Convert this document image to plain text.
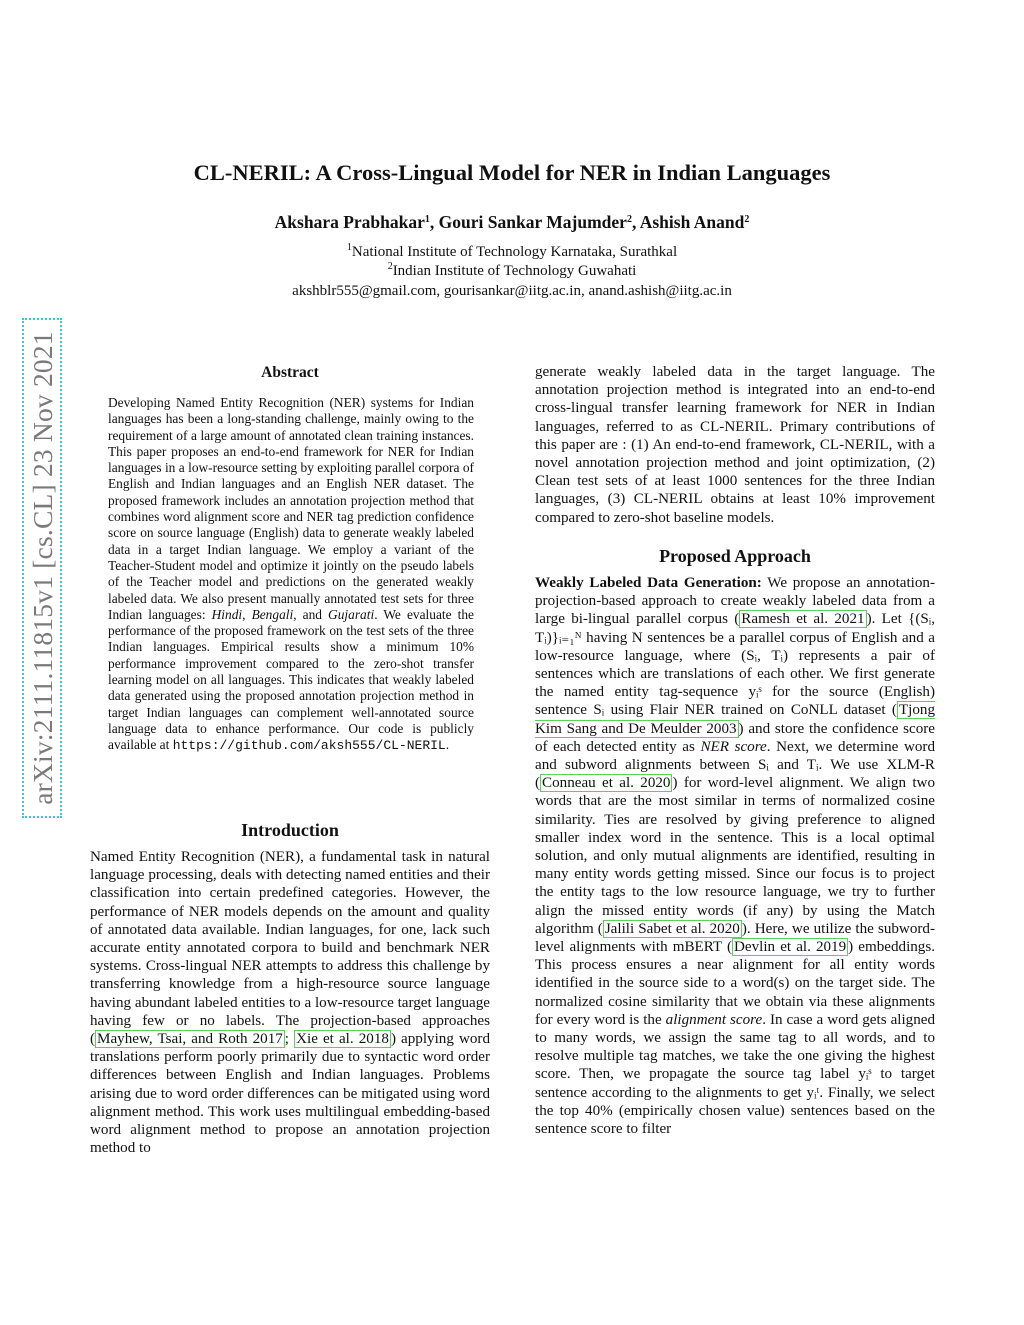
arXiv:2111.11815v1 [cs.CL] 23 Nov 2021
CL-NERIL: A Cross-Lingual Model for NER in Indian Languages
Akshara Prabhakar$^1$, Gouri Sankar Majumder$^2$, Ashish Anand$^2$
$^1$National Institute of Technology Karnataka, Surathkal
$^2$Indian Institute of Technology Guwahati
akshblr555@gmail.com, gourisankar@iitg.ac.in, anand.ashish@iitg.ac.in
Abstract

Developing Named Entity Recognition (NER) systems for Indian languages has been a long-standing challenge, mainly owing to the requirement of a large amount of annotated clean training instances. This paper proposes an end-to-end framework for NER for Indian languages in a low-resource setting by exploiting parallel corpora of English and Indian languages and an English NER dataset. The proposed framework includes an annotation projection method that combines word alignment score and NER tag prediction confidence score on source language (English) data to generate weakly labeled data in a target Indian language. We employ a variant of the Teacher-Student model and optimize it jointly on the pseudo labels of the Teacher model and predictions on the generated weakly labeled data. We also present manually annotated test sets for three Indian languages: Hindi, Bengali, and Gujarati. We evaluate the performance of the proposed framework on the test sets of the three Indian languages. Empirical results show a minimum 10% performance improvement compared to the zero-shot transfer learning model on all languages. This indicates that weakly labeled data generated using the proposed annotation projection method in target Indian languages can complement well-annotated source language data to enhance performance. Our code is publicly available at https://github.com/aksh555/CL-NERIL.

Introduction

Named Entity Recognition (NER), a fundamental task in natural language processing, deals with detecting named entities and their classification into certain predefined categories. However, the performance of NER models depends on the amount and quality of annotated data available. Indian languages, for one, lack such accurate entity annotated corpora to build and benchmark NER systems. Cross-lingual NER attempts to address this challenge by transferring knowledge from a high-resource source language having abundant labeled entities to a low-resource target language having few or no labels. The projection-based approaches ( Mayhew, Tsai, and Roth 2017 ; Xie et al. 2018 ) applying word translations perform poorly primarily due to syntactic word order differences between English and Indian languages. Problems arising due to word order differences can be mitigated using word alignment method. This work uses multilingual embedding-based word alignment method to propose an annotation projection method to

generate weakly labeled data in the target language. The annotation projection method is integrated into an end-to-end cross-lingual transfer learning framework for NER in Indian languages, referred to as CL-NERIL. Primary contributions of this paper are : (1) An end-to-end framework, CL-NERIL, with a novel annotation projection method and joint optimization, (2) Clean test sets of at least 1000 sentences for the three Indian languages, (3) CL-NERIL obtains at least 10% improvement compared to zero-shot baseline models.

Proposed Approach

Weakly Labeled Data Generation: We propose an annotation-projection-based approach to create weakly labeled data from a large bi-lingual parallel corpus ( Ramesh et al. 2021 ). Let {(Sᵢ, Tᵢ)}ᵢ₌₁ᴺ having N sentences be a parallel corpus of English and a low-resource language, where (Sᵢ, Tᵢ) represents a pair of sentences which are translations of each other. We first generate the named entity tag-sequence yᵢˢ for the source (English) sentence Sᵢ using Flair NER trained on CoNLL dataset ( Tjong Kim Sang and De Meulder 2003 ) and store the confidence score of each detected entity as NER score. Next, we determine word and subword alignments between Sᵢ and Tᵢ. We use XLM-R ( Conneau et al. 2020 ) for word-level alignment. We align two words that are the most similar in terms of normalized cosine similarity. Ties are resolved by giving preference to aligned smaller index word in the sentence. This is a local optimal solution, and only mutual alignments are identified, resulting in many entity words getting missed. Since our focus is to project the entity tags to the low resource language, we try to further align the missed entity words (if any) by using the Match algorithm ( Jalili Sabet et al. 2020 ). Here, we utilize the subword-level alignments with mBERT ( Devlin et al. 2019 ) embeddings. This process ensures a near alignment for all entity words identified in the source side to a word(s) on the target side. The normalized cosine similarity that we obtain via these alignments for every word is the alignment score. In case a word gets aligned to many words, we assign the same tag to all words, and to resolve multiple tag matches, we take the one giving the highest score. Then, we propagate the source tag label yᵢˢ to target sentence according to the alignments to get yᵢᵗ. Finally, we select the top 40% (empirically chosen value) sentences based on the sentence score to filter
